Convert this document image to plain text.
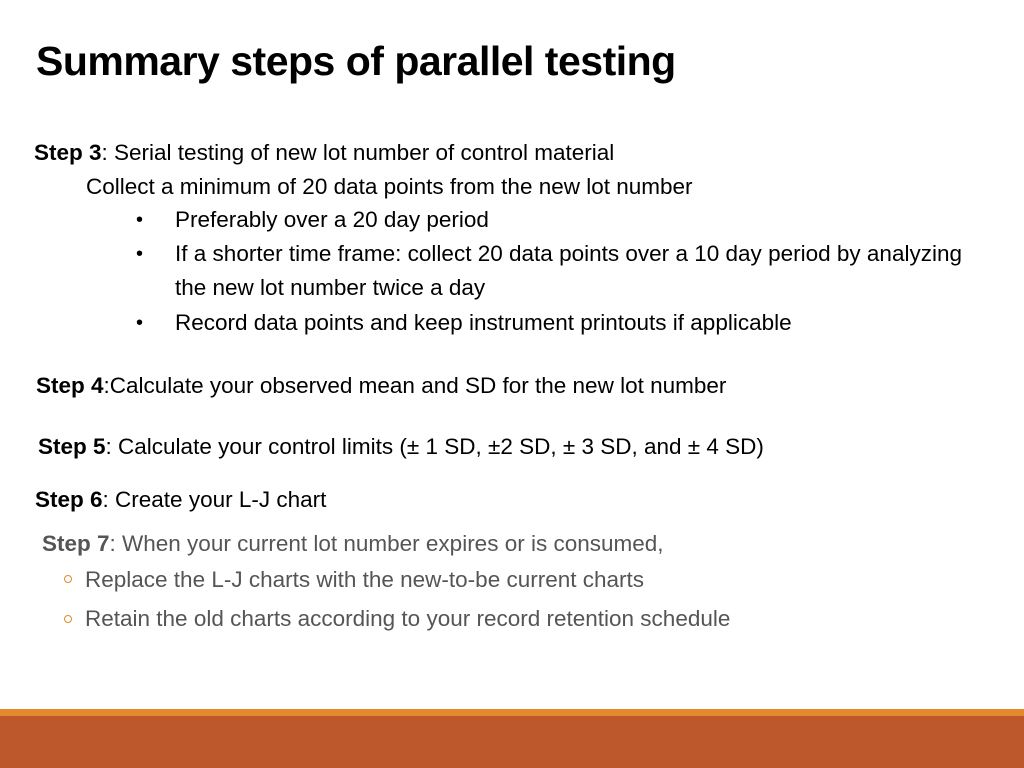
Summary steps of parallel testing
Step 3: Serial testing of new lot number of control material
Collect a minimum of 20 data points from the new lot number
• Preferably over a 20 day period
• If a shorter time frame: collect 20 data points over a 10 day period by analyzing the new lot number twice a day
• Record data points and keep instrument printouts if applicable
Step 4:Calculate your observed mean and SD for the new lot number
Step 5: Calculate your control limits (± 1 SD, ±2 SD, ± 3 SD, and ± 4 SD)
Step 6: Create your L-J chart
Step 7: When your current lot number expires or is consumed,
Replace the L-J charts with the new-to-be current charts
Retain the old charts according to your record retention schedule
